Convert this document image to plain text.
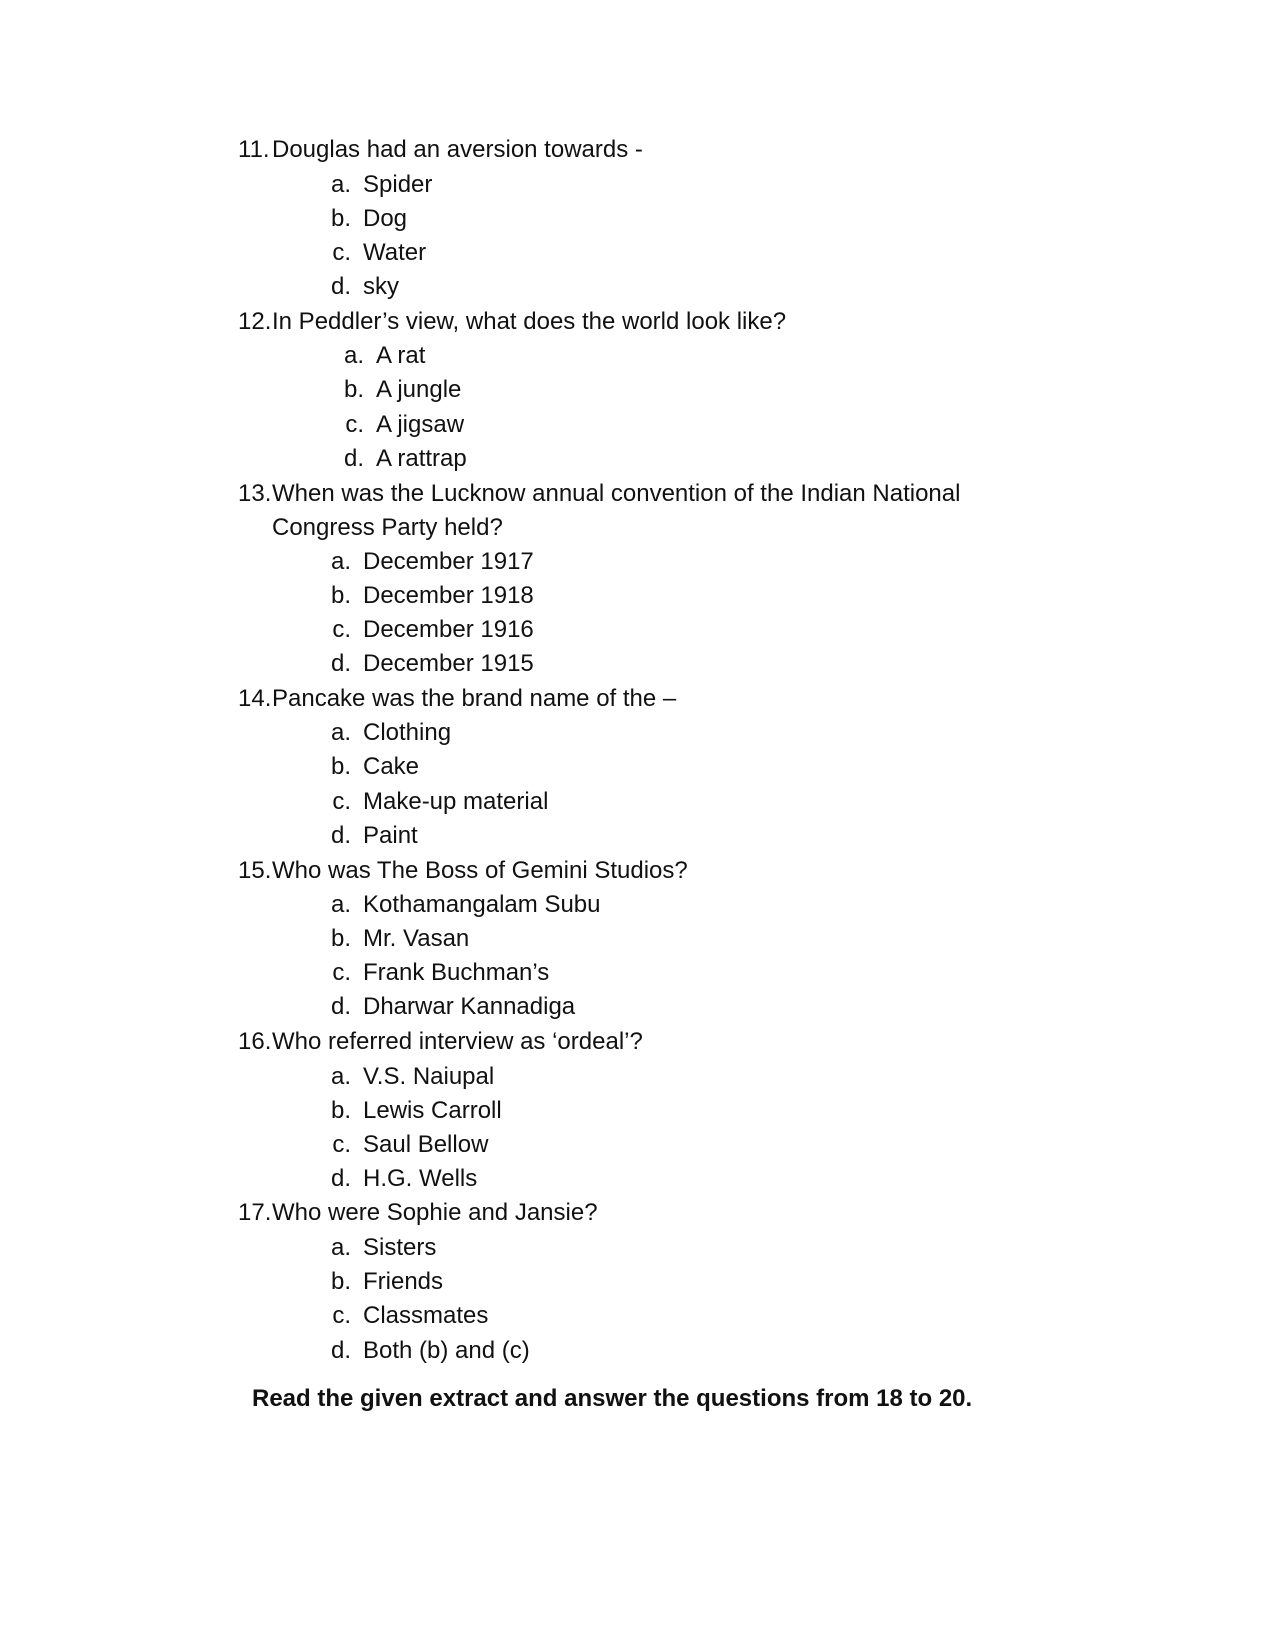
11. Douglas had an aversion towards -
a. Spider
b. Dog
c. Water
d. sky
12.In Peddler’s view, what does the world look like?
a. A rat
b. A jungle
c. A jigsaw
d. A rattrap
13.When was the Lucknow annual convention of the Indian National
Congress Party held?
a. December 1917
b. December 1918
c. December 1916
d. December 1915
14.Pancake was the brand name of the –
a. Clothing
b. Cake
c. Make-up material
d. Paint
15.Who was The Boss of Gemini Studios?
a. Kothamangalam Subu
b. Mr. Vasan
c. Frank Buchman’s
d. Dharwar Kannadiga
16.Who referred interview as ‘ordeal’?
a. V.S. Naiupal
b. Lewis Carroll
c. Saul Bellow
d. H.G. Wells
17.Who were Sophie and Jansie?
a. Sisters
b. Friends
c. Classmates
d. Both (b) and (c)
Read the given extract and answer the questions from 18 to 20.
